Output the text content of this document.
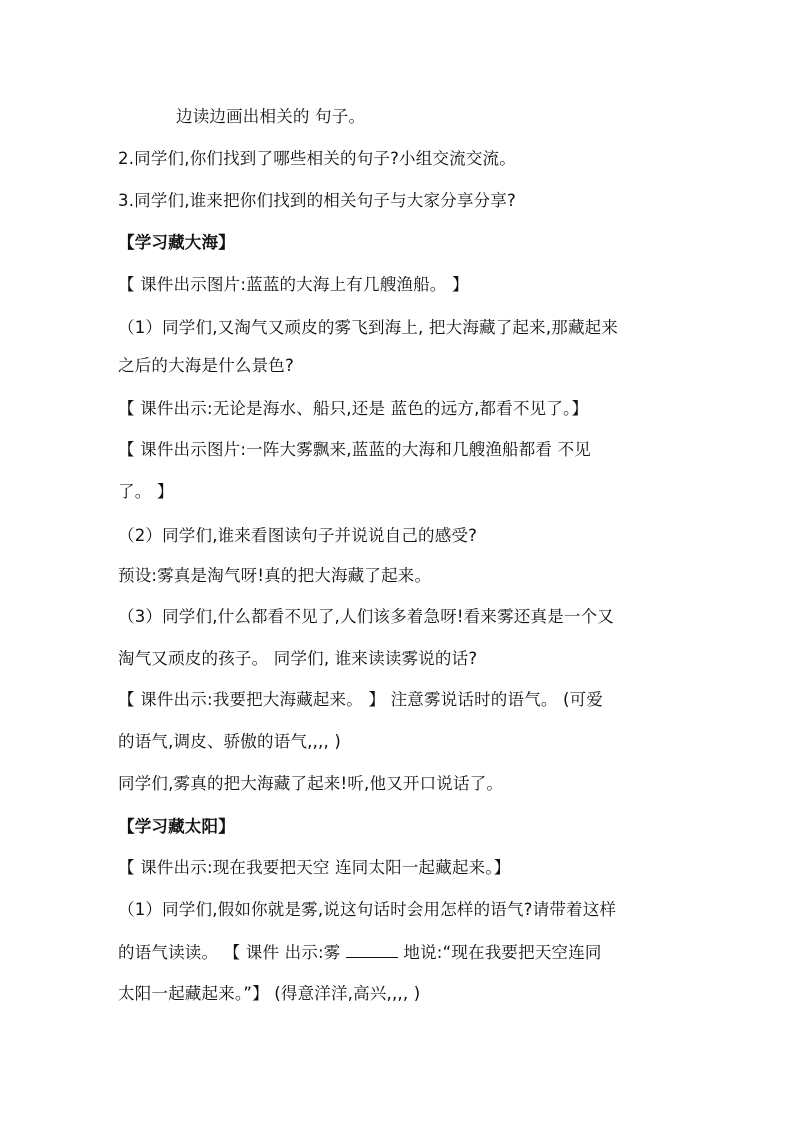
边读边画出相关的 句子。
2.同学们,你们找到了哪些相关的句子?小组交流交流。
3.同学们,谁来把你们找到的相关句子与大家分享分享?
【学习藏大海】
【 课件出示图片:蓝蓝的大海上有几艘渔船。 】
（1）同学们,又淘气又顽皮的雾飞到海上, 把大海藏了起来,那藏起来
之后的大海是什么景色?
【 课件出示:无论是海水、船只,还是 蓝色的远方,都看不见了。】
【 课件出示图片:一阵大雾飘来,蓝蓝的大海和几艘渔船都看 不见
了。 】
（2）同学们,谁来看图读句子并说说自己的感受?
预设:雾真是淘气呀!真的把大海藏了起来。
（3）同学们,什么都看不见了,人们该多着急呀!看来雾还真是一个又
淘气又顽皮的孩子。 同学们, 谁来读读雾说的话?
【 课件出示:我要把大海藏起来。 】 注意雾说话时的语气。 (可爱
的语气,调皮、骄傲的语气,,,, )
同学们,雾真的把大海藏了起来!听,他又开口说话了。
【学习藏太阳】
【 课件出示:现在我要把天空 连同太阳一起藏起来。】
（1）同学们,假如你就是雾,说这句话时会用怎样的语气?请带着这样
的语气读读。 【 课件 出示:雾	地说:“现在我要把天空连同
太阳一起藏起来。”】 (得意洋洋,高兴,,,, )
